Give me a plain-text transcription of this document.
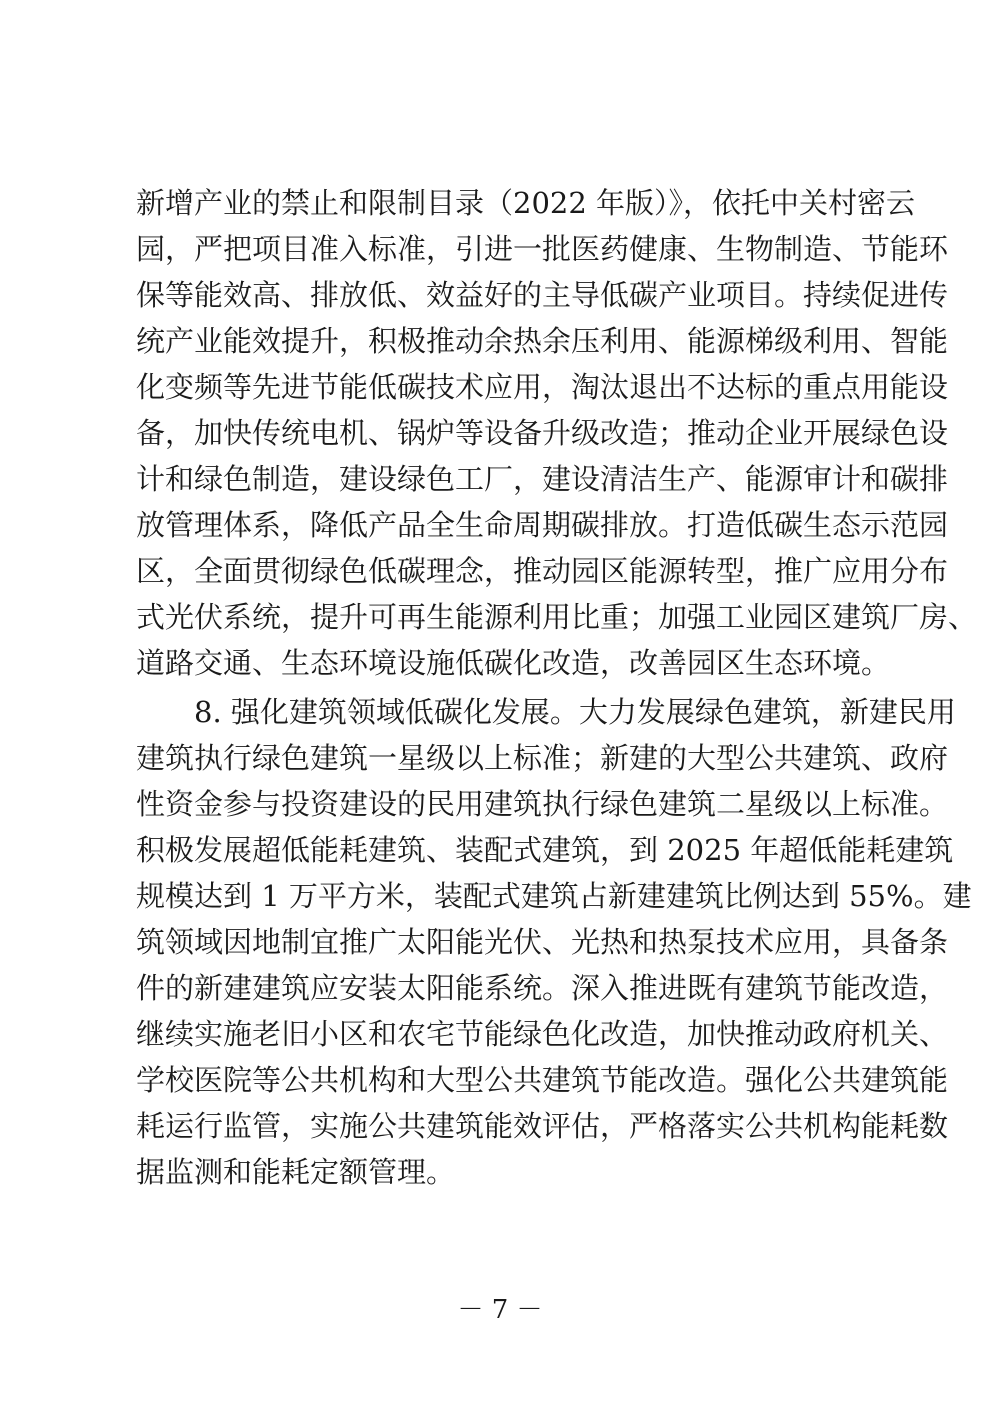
新增产业的禁止和限制目录（2022 年版）》，依托中关村密云
园，严把项目准入标准，引进一批医药健康、生物制造、节能环
保等能效高、排放低、效益好的主导低碳产业项目。持续促进传
统产业能效提升，积极推动余热余压利用、能源梯级利用、智能
化变频等先进节能低碳技术应用，淘汰退出不达标的重点用能设
备，加快传统电机、锅炉等设备升级改造；推动企业开展绿色设
计和绿色制造，建设绿色工厂，建设清洁生产、能源审计和碳排
放管理体系，降低产品全生命周期碳排放。打造低碳生态示范园
区，全面贯彻绿色低碳理念，推动园区能源转型，推广应用分布
式光伏系统，提升可再生能源利用比重；加强工业园区建筑厂房、
道路交通、生态环境设施低碳化改造，改善园区生态环境。
8. 强化建筑领域低碳化发展。大力发展绿色建筑，新建民用
建筑执行绿色建筑一星级以上标准；新建的大型公共建筑、政府
性资金参与投资建设的民用建筑执行绿色建筑二星级以上标准。
积极发展超低能耗建筑、装配式建筑，到 2025 年超低能耗建筑
规模达到 1 万平方米，装配式建筑占新建建筑比例达到 55%。建
筑领域因地制宜推广太阳能光伏、光热和热泵技术应用，具备条
件的新建建筑应安装太阳能系统。深入推进既有建筑节能改造，
继续实施老旧小区和农宅节能绿色化改造，加快推动政府机关、
学校医院等公共机构和大型公共建筑节能改造。强化公共建筑能
耗运行监管，实施公共建筑能效评估，严格落实公共机构能耗数
据监测和能耗定额管理。
－ 7 －
